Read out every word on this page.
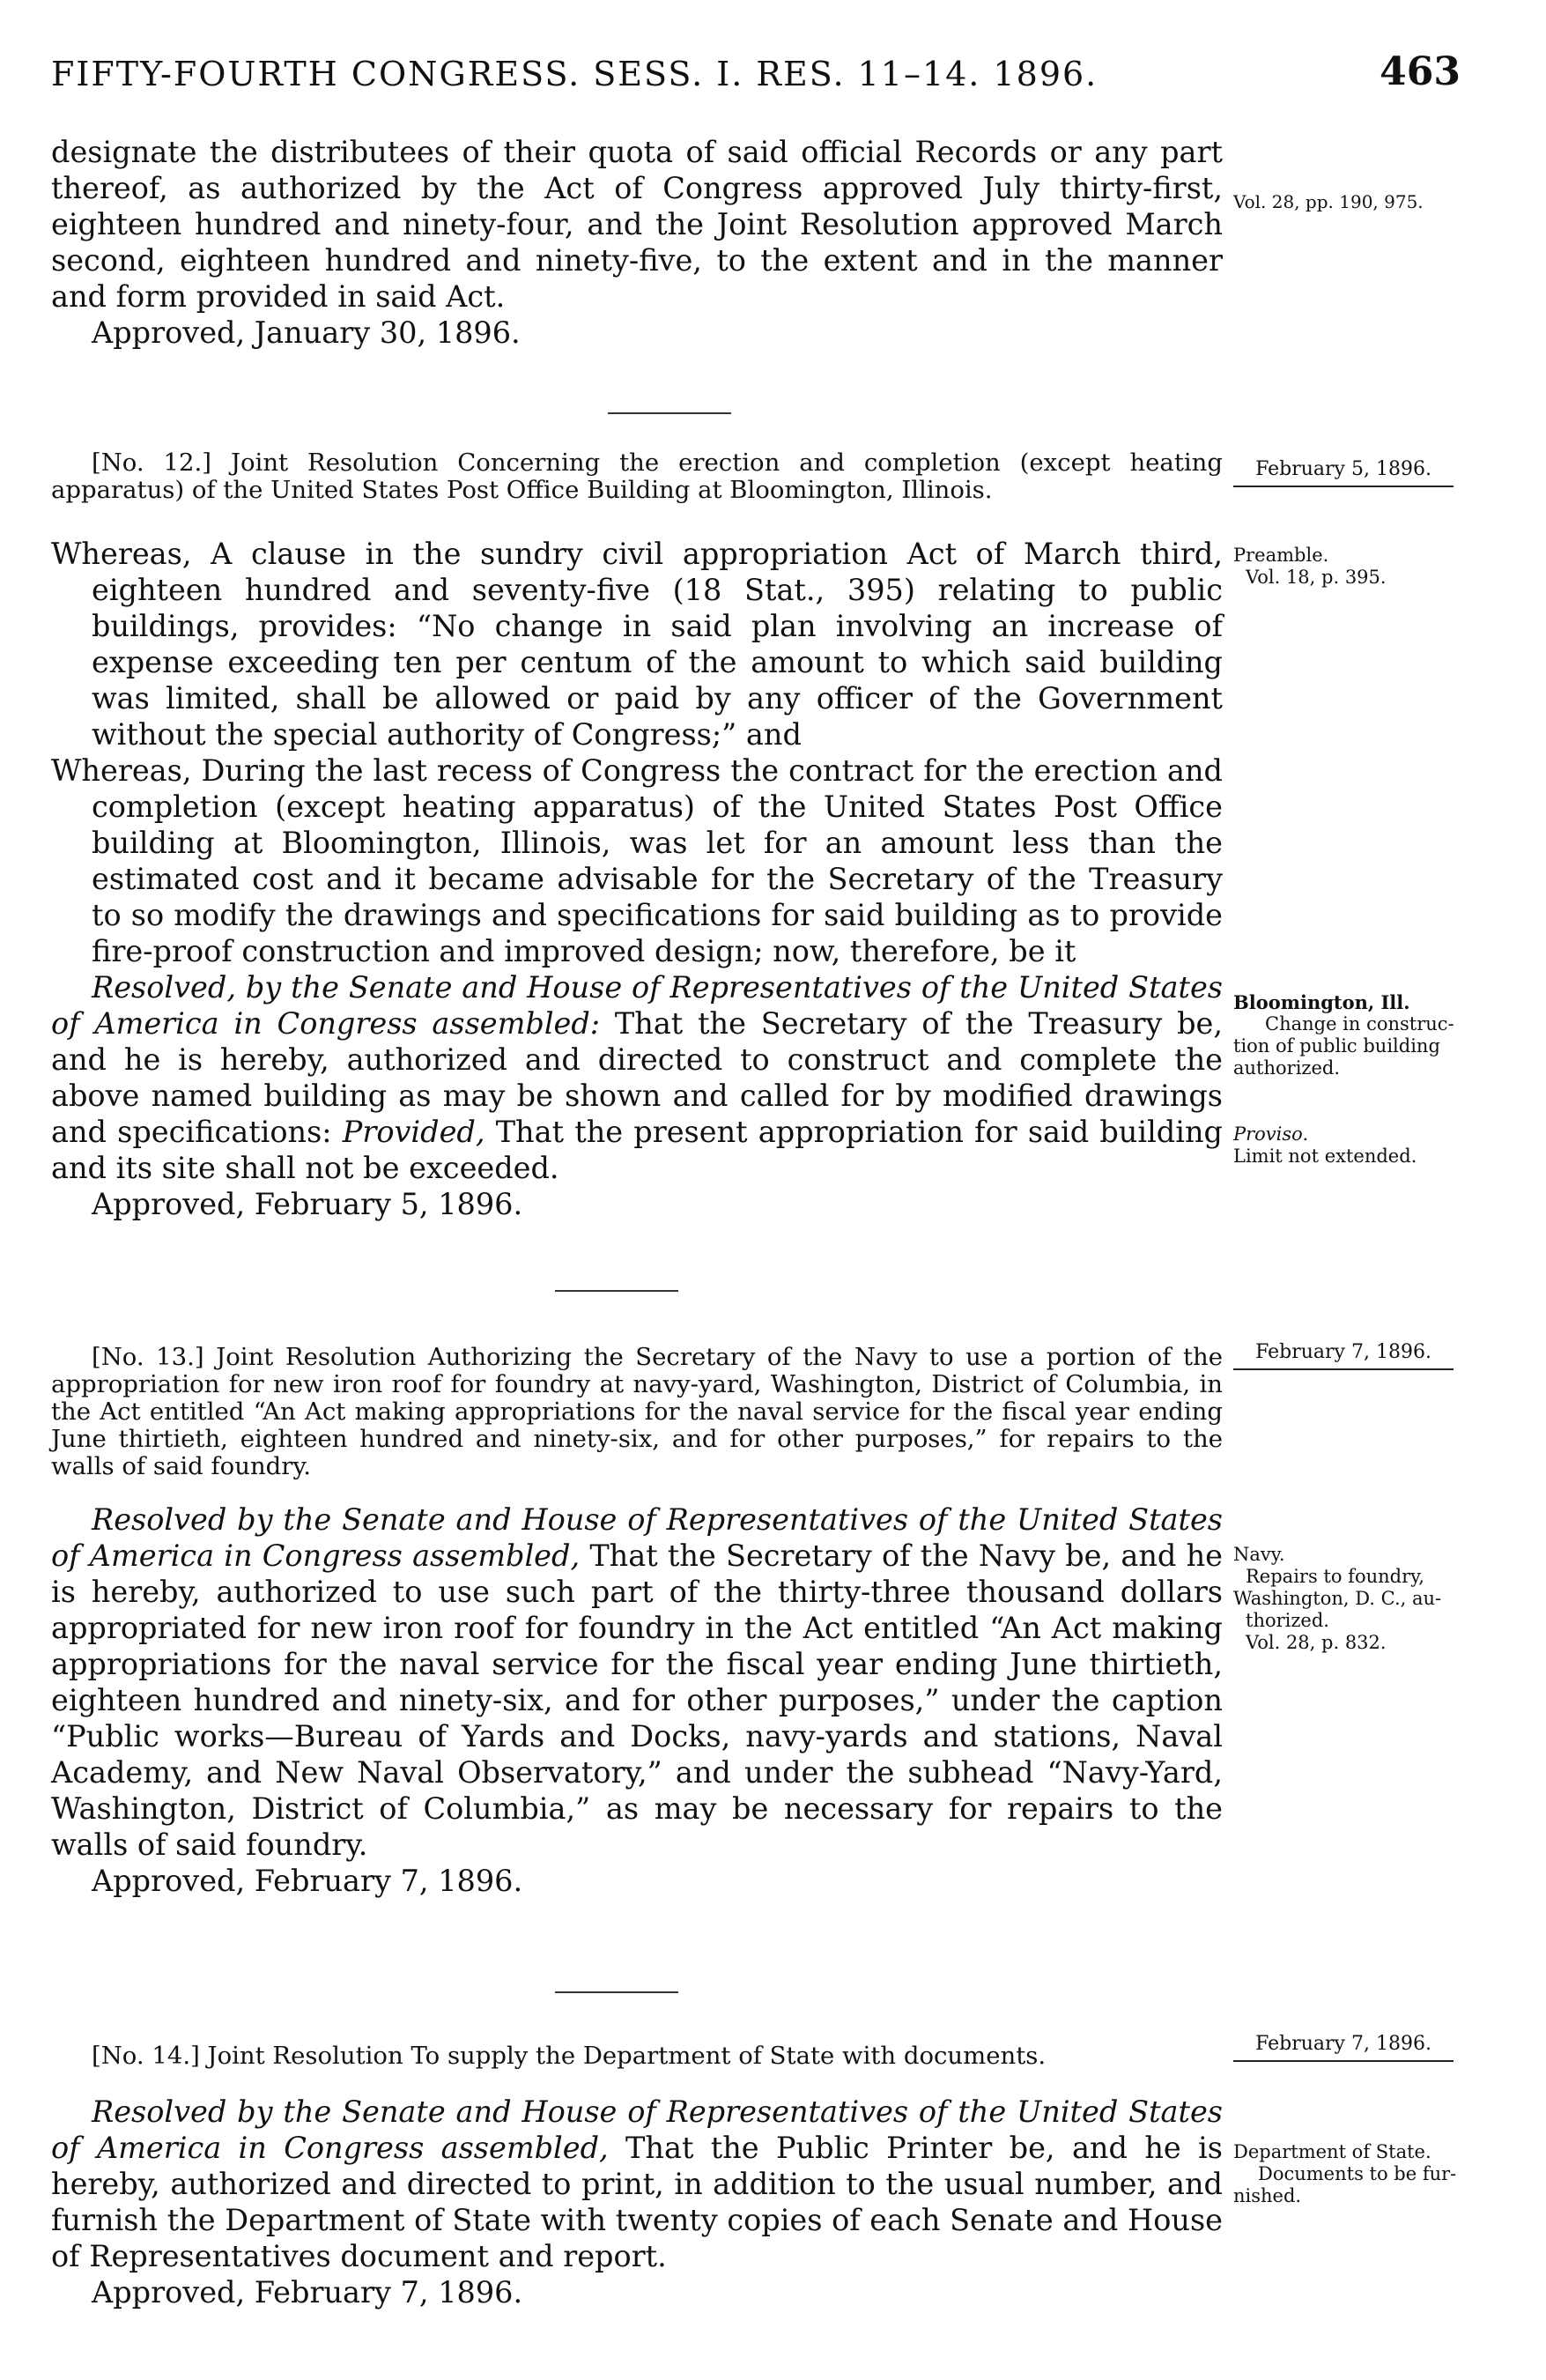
FIFTY-FOURTH CONGRESS. SESS. I. RES. 11–14. 1896.	463

designate the distributees of their quota of said official Records or any part thereof, as authorized by the Act of Congress approved July thirty-first, eighteen hundred and ninety-four, and the Joint Resolution approved March second, eighteen hundred and ninety-five, to the extent and in the manner and form provided in said Act.

Approved, January 30, 1896.

Vol. 28, pp. 190, 975.

[No. 12.] Joint Resolution Concerning the erection and completion (except heating apparatus) of the United States Post Office Building at Bloomington, Illinois.

February 5, 1896.

Whereas, A clause in the sundry civil appropriation Act of March third, eighteen hundred and seventy-five (18 Stat., 395) relating to public buildings, provides: “No change in said plan involving an increase of expense exceeding ten per centum of the amount to which said building was limited, shall be allowed or paid by any officer of the Government without the special authority of Congress;” and

Whereas, During the last recess of Congress the contract for the erection and completion (except heating apparatus) of the United States Post Office building at Bloomington, Illinois, was let for an amount less than the estimated cost and it became advisable for the Secretary of the Treasury to so modify the drawings and specifications for said building as to provide fire-proof construction and improved design; now, therefore, be it

Resolved, by the Senate and House of Representatives of the United States of America in Congress assembled: That the Secretary of the Treasury be, and he is hereby, authorized and directed to construct and complete the above named building as may be shown and called for by modified drawings and specifications: Provided, That the present appropriation for said building and its site shall not be exceeded.

Approved, February 5, 1896.

Preamble.
Vol. 18, p. 395.
Bloomington, Ill.
Change in construc-
tion of public building
authorized.
Proviso.
Limit not extended.

[No. 13.] Joint Resolution Authorizing the Secretary of the Navy to use a portion of the appropriation for new iron roof for foundry at navy-yard, Washington, District of Columbia, in the Act entitled “An Act making appropriations for the naval service for the fiscal year ending June thirtieth, eighteen hundred and ninety-six, and for other purposes,” for repairs to the walls of said foundry.

February 7, 1896.

Resolved by the Senate and House of Representatives of the United States of America in Congress assembled, That the Secretary of the Navy be, and he is hereby, authorized to use such part of the thirty-three thousand dollars appropriated for new iron roof for foundry in the Act entitled “An Act making appropriations for the naval service for the fiscal year ending June thirtieth, eighteen hundred and ninety-six, and for other purposes,” under the caption “Public works—Bureau of Yards and Docks, navy-yards and stations, Naval Academy, and New Naval Observatory,” and under the subhead “Navy-Yard, Washington, District of Columbia,” as may be necessary for repairs to the walls of said foundry.

Approved, February 7, 1896.

Navy.
Repairs to foundry,
Washington, D. C., au-
thorized.
Vol. 28, p. 832.

[No. 14.] Joint Resolution To supply the Department of State with documents.	February 7, 1896.

Resolved by the Senate and House of Representatives of the United States of America in Congress assembled, That the Public Printer be, and he is hereby, authorized and directed to print, in addition to the usual number, and furnish the Department of State with twenty copies of each Senate and House of Representatives document and report.

Approved, February 7, 1896.

Department of State.
Documents to be fur-
nished.
